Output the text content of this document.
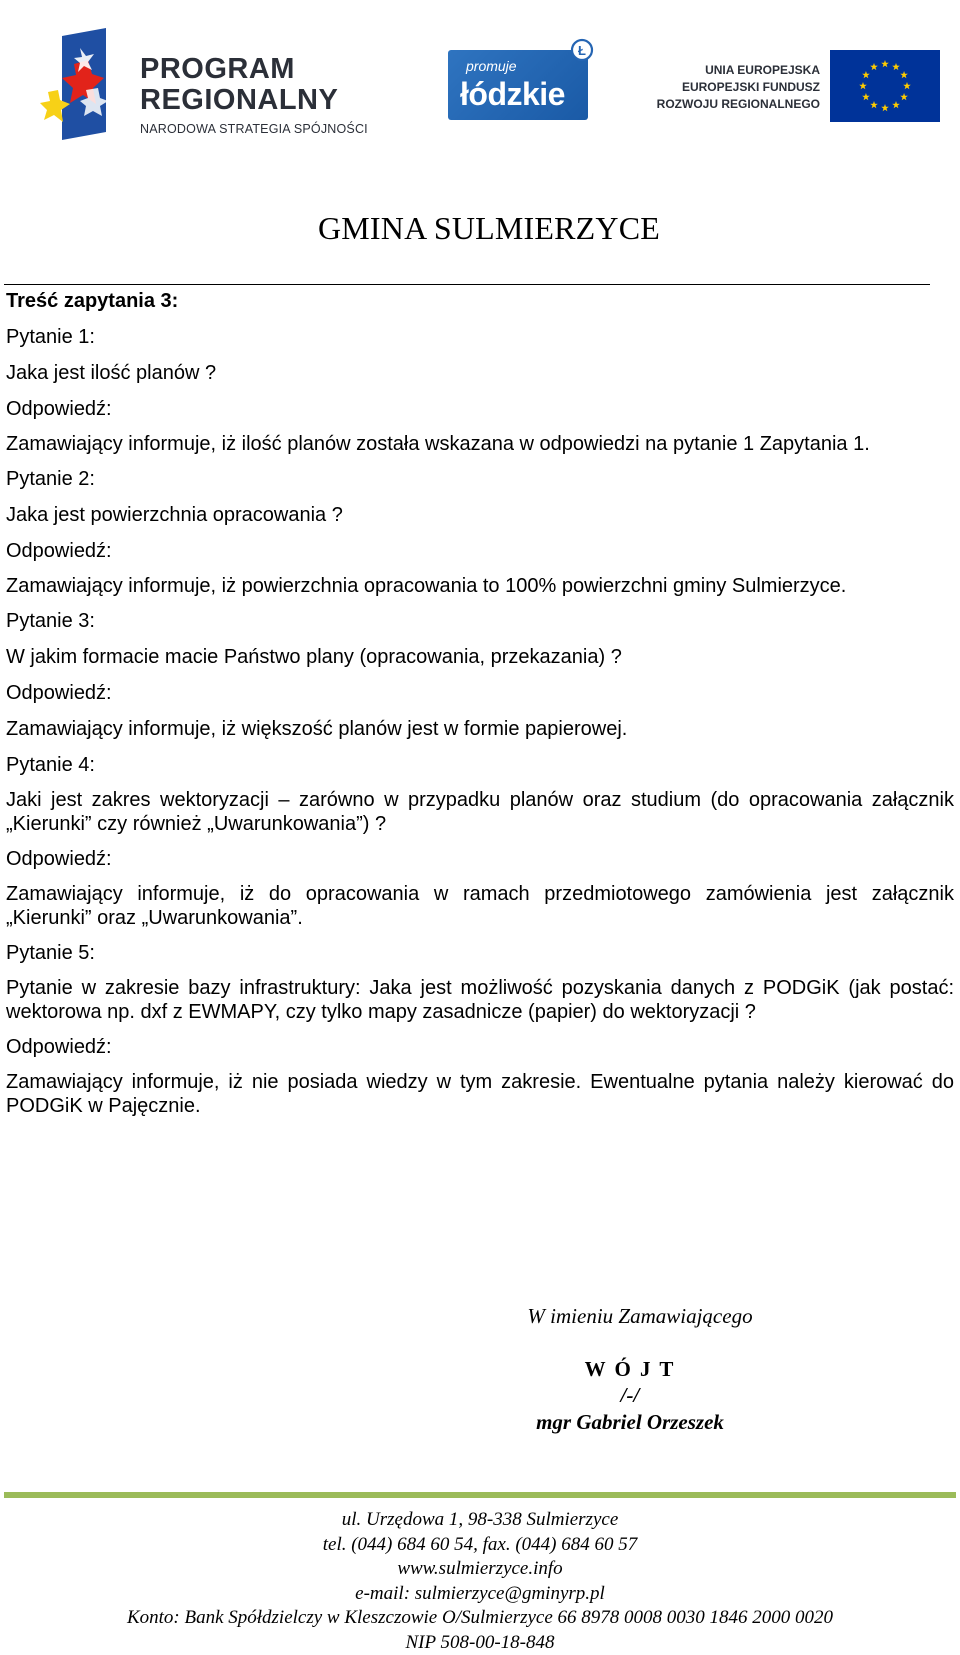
PROGRAM
REGIONALNY
NARODOWA STRATEGIA SPÓJNOŚCI
promuje
łódzkie
Ł
UNIA EUROPEJSKA
EUROPEJSKI FUNDUSZ
ROZWOJU REGIONALNEGO
GMINA SULMIERZYCE

Treść zapytania 3:

Pytanie 1:

Jaka jest ilość planów ?

Odpowiedź:

Zamawiający informuje, iż ilość planów została wskazana w odpowiedzi na pytanie 1 Zapytania 1.

Pytanie 2:

Jaka jest powierzchnia opracowania ?

Odpowiedź:

Zamawiający informuje, iż powierzchnia opracowania to 100% powierzchni gminy Sulmierzyce.

Pytanie 3:

W jakim formacie macie Państwo plany (opracowania, przekazania) ?

Odpowiedź:

Zamawiający informuje, iż większość planów jest w formie papierowej.

Pytanie 4:

Jaki jest zakres wektoryzacji – zarówno w przypadku planów oraz studium (do opracowania załącznik „Kierunki” czy również „Uwarunkowania”) ?

Odpowiedź:

Zamawiający informuje, iż do opracowania w ramach przedmiotowego zamówienia jest załącznik „Kierunki” oraz „Uwarunkowania”.

Pytanie 5:

Pytanie w zakresie bazy infrastruktury: Jaka jest możliwość pozyskania danych z PODGiK (jak postać: wektorowa np. dxf z EWMAPY, czy tylko mapy zasadnicze (papier) do wektoryzacji ?

Odpowiedź:

Zamawiający informuje, iż nie posiada wiedzy w tym zakresie. Ewentualne pytania należy kierować do PODGiK w Pajęcznie.

W imieniu Zamawiającego
W Ó J T
/-/
mgr Gabriel Orzeszek
ul. Urzędowa 1, 98-338 Sulmierzyce
tel. (044) 684 60 54, fax. (044) 684 60 57
www.sulmierzyce.info
e-mail: sulmierzyce@gminyrp.pl
Konto: Bank Spółdzielczy w Kleszczowie O/Sulmierzyce 66 8978 0008 0030 1846 2000 0020
NIP 508-00-18-848
